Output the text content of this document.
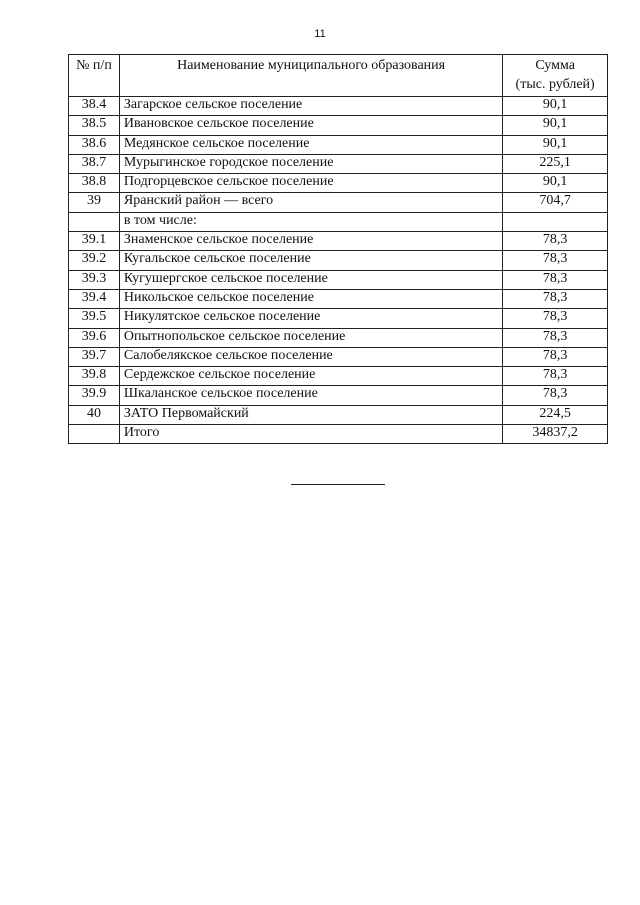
11
№ п/п	Наименование муниципального образования	Сумма
(тыс. рублей)
38.4	Загарское сельское поселение	90,1
38.5	Ивановское сельское поселение	90,1
38.6	Медянское сельское поселение	90,1
38.7	Мурыгинское городское поселение	225,1
38.8	Подгорцевское сельское поселение	90,1
39	Яранский район — всего	704,7
	в том числе:	
39.1	Знаменское сельское поселение	78,3
39.2	Кугальское сельское поселение	78,3
39.3	Кугушергское сельское поселение	78,3
39.4	Никольское сельское поселение	78,3
39.5	Никулятское сельское поселение	78,3
39.6	Опытнопольское сельское поселение	78,3
39.7	Салобелякское сельское поселение	78,3
39.8	Сердежское сельское поселение	78,3
39.9	Шкаланское сельское поселение	78,3
40	ЗАТО Первомайский	224,5
	Итого	34837,2
